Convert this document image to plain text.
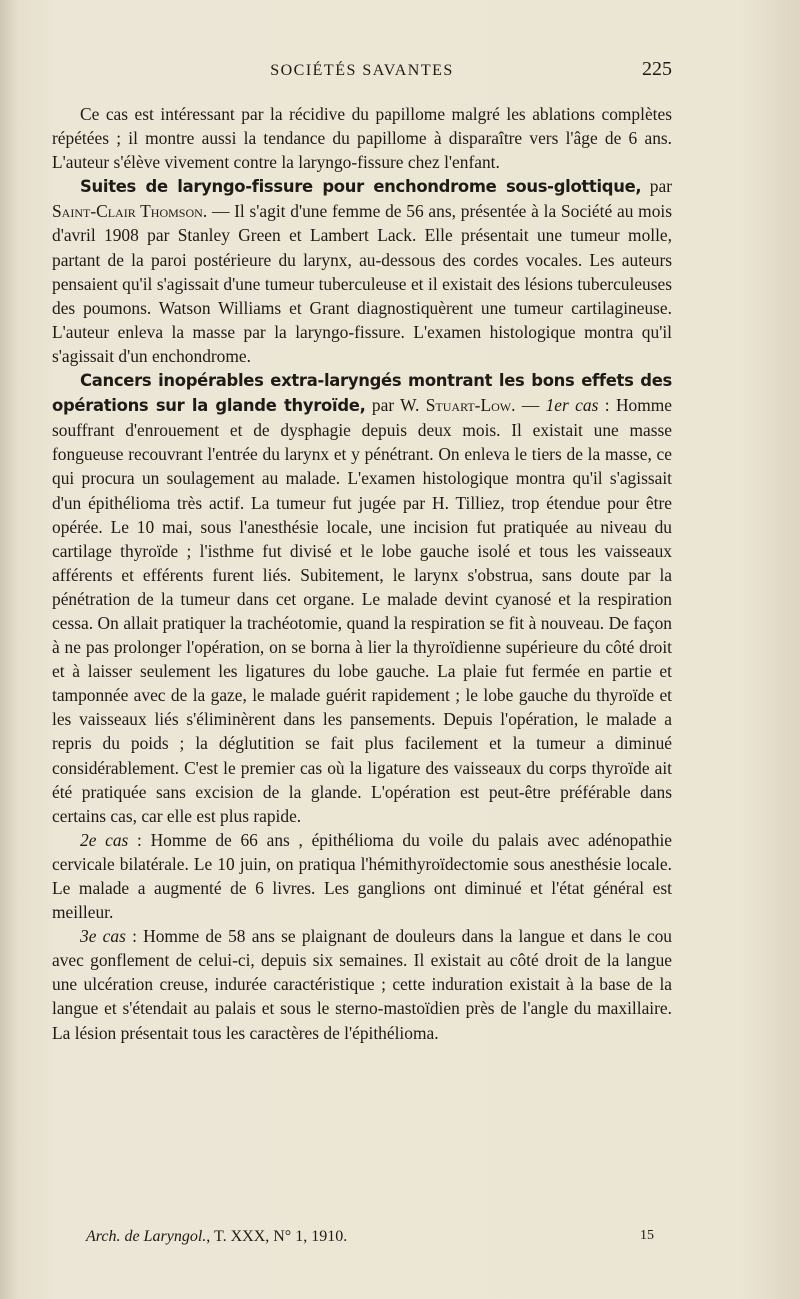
SOCIÉTÉS SAVANTES	225

Ce cas est intéressant par la récidive du papillome malgré les ablations complètes répétées ; il montre aussi la tendance du papillome à disparaître vers l'âge de 6 ans. L'auteur s'élève vivement contre la laryngo-fissure chez l'enfant.

Suites de laryngo-fissure pour enchondrome sous-glottique, par Saint-Clair Thomson. — Il s'agit d'une femme de 56 ans, présentée à la Société au mois d'avril 1908 par Stanley Green et Lambert Lack. Elle présentait une tumeur molle, partant de la paroi postérieure du larynx, au-dessous des cordes vocales. Les auteurs pensaient qu'il s'agissait d'une tumeur tuberculeuse et il existait des lésions tuberculeuses des poumons. Watson Williams et Grant diagnostiquèrent une tumeur cartilagineuse. L'auteur enleva la masse par la laryngo-fissure. L'examen histologique montra qu'il s'agissait d'un enchondrome.

Cancers inopérables extra-laryngés montrant les bons effets des opérations sur la glande thyroïde, par W. Stuart-Low. — 1er cas : Homme souffrant d'enrouement et de dysphagie depuis deux mois. Il existait une masse fongueuse recouvrant l'entrée du larynx et y pénétrant. On enleva le tiers de la masse, ce qui procura un soulagement au malade. L'examen histologique montra qu'il s'agissait d'un épithélioma très actif. La tumeur fut jugée par H. Tilliez, trop étendue pour être opérée. Le 10 mai, sous l'anesthésie locale, une incision fut pratiquée au niveau du cartilage thyroïde ; l'isthme fut divisé et le lobe gauche isolé et tous les vaisseaux afférents et efférents furent liés. Subitement, le larynx s'obstrua, sans doute par la pénétration de la tumeur dans cet organe. Le malade devint cyanosé et la respiration cessa. On allait pratiquer la trachéotomie, quand la respiration se fit à nouveau. De façon à ne pas prolonger l'opération, on se borna à lier la thyroïdienne supérieure du côté droit et à laisser seulement les ligatures du lobe gauche. La plaie fut fermée en partie et tamponnée avec de la gaze, le malade guérit rapidement ; le lobe gauche du thyroïde et les vaisseaux liés s'éliminèrent dans les pansements. Depuis l'opération, le malade a repris du poids ; la déglutition se fait plus facilement et la tumeur a diminué considérablement. C'est le premier cas où la ligature des vaisseaux du corps thyroïde ait été pratiquée sans excision de la glande. L'opération est peut-être préférable dans certains cas, car elle est plus rapide.

2e cas : Homme de 66 ans , épithélioma du voile du palais avec adénopathie cervicale bilatérale. Le 10 juin, on pratiqua l'hémithyroïdectomie sous anesthésie locale. Le malade a augmenté de 6 livres. Les ganglions ont diminué et l'état général est meilleur.

3e cas : Homme de 58 ans se plaignant de douleurs dans la langue et dans le cou avec gonflement de celui-ci, depuis six semaines. Il existait au côté droit de la langue une ulcération creuse, indurée caractéristique ; cette induration existait à la base de la langue et s'étendait au palais et sous le sterno-mastoïdien près de l'angle du maxillaire. La lésion présentait tous les caractères de l'épithélioma.

Arch. de Laryngol., T. XXX, N° 1, 1910.	15
